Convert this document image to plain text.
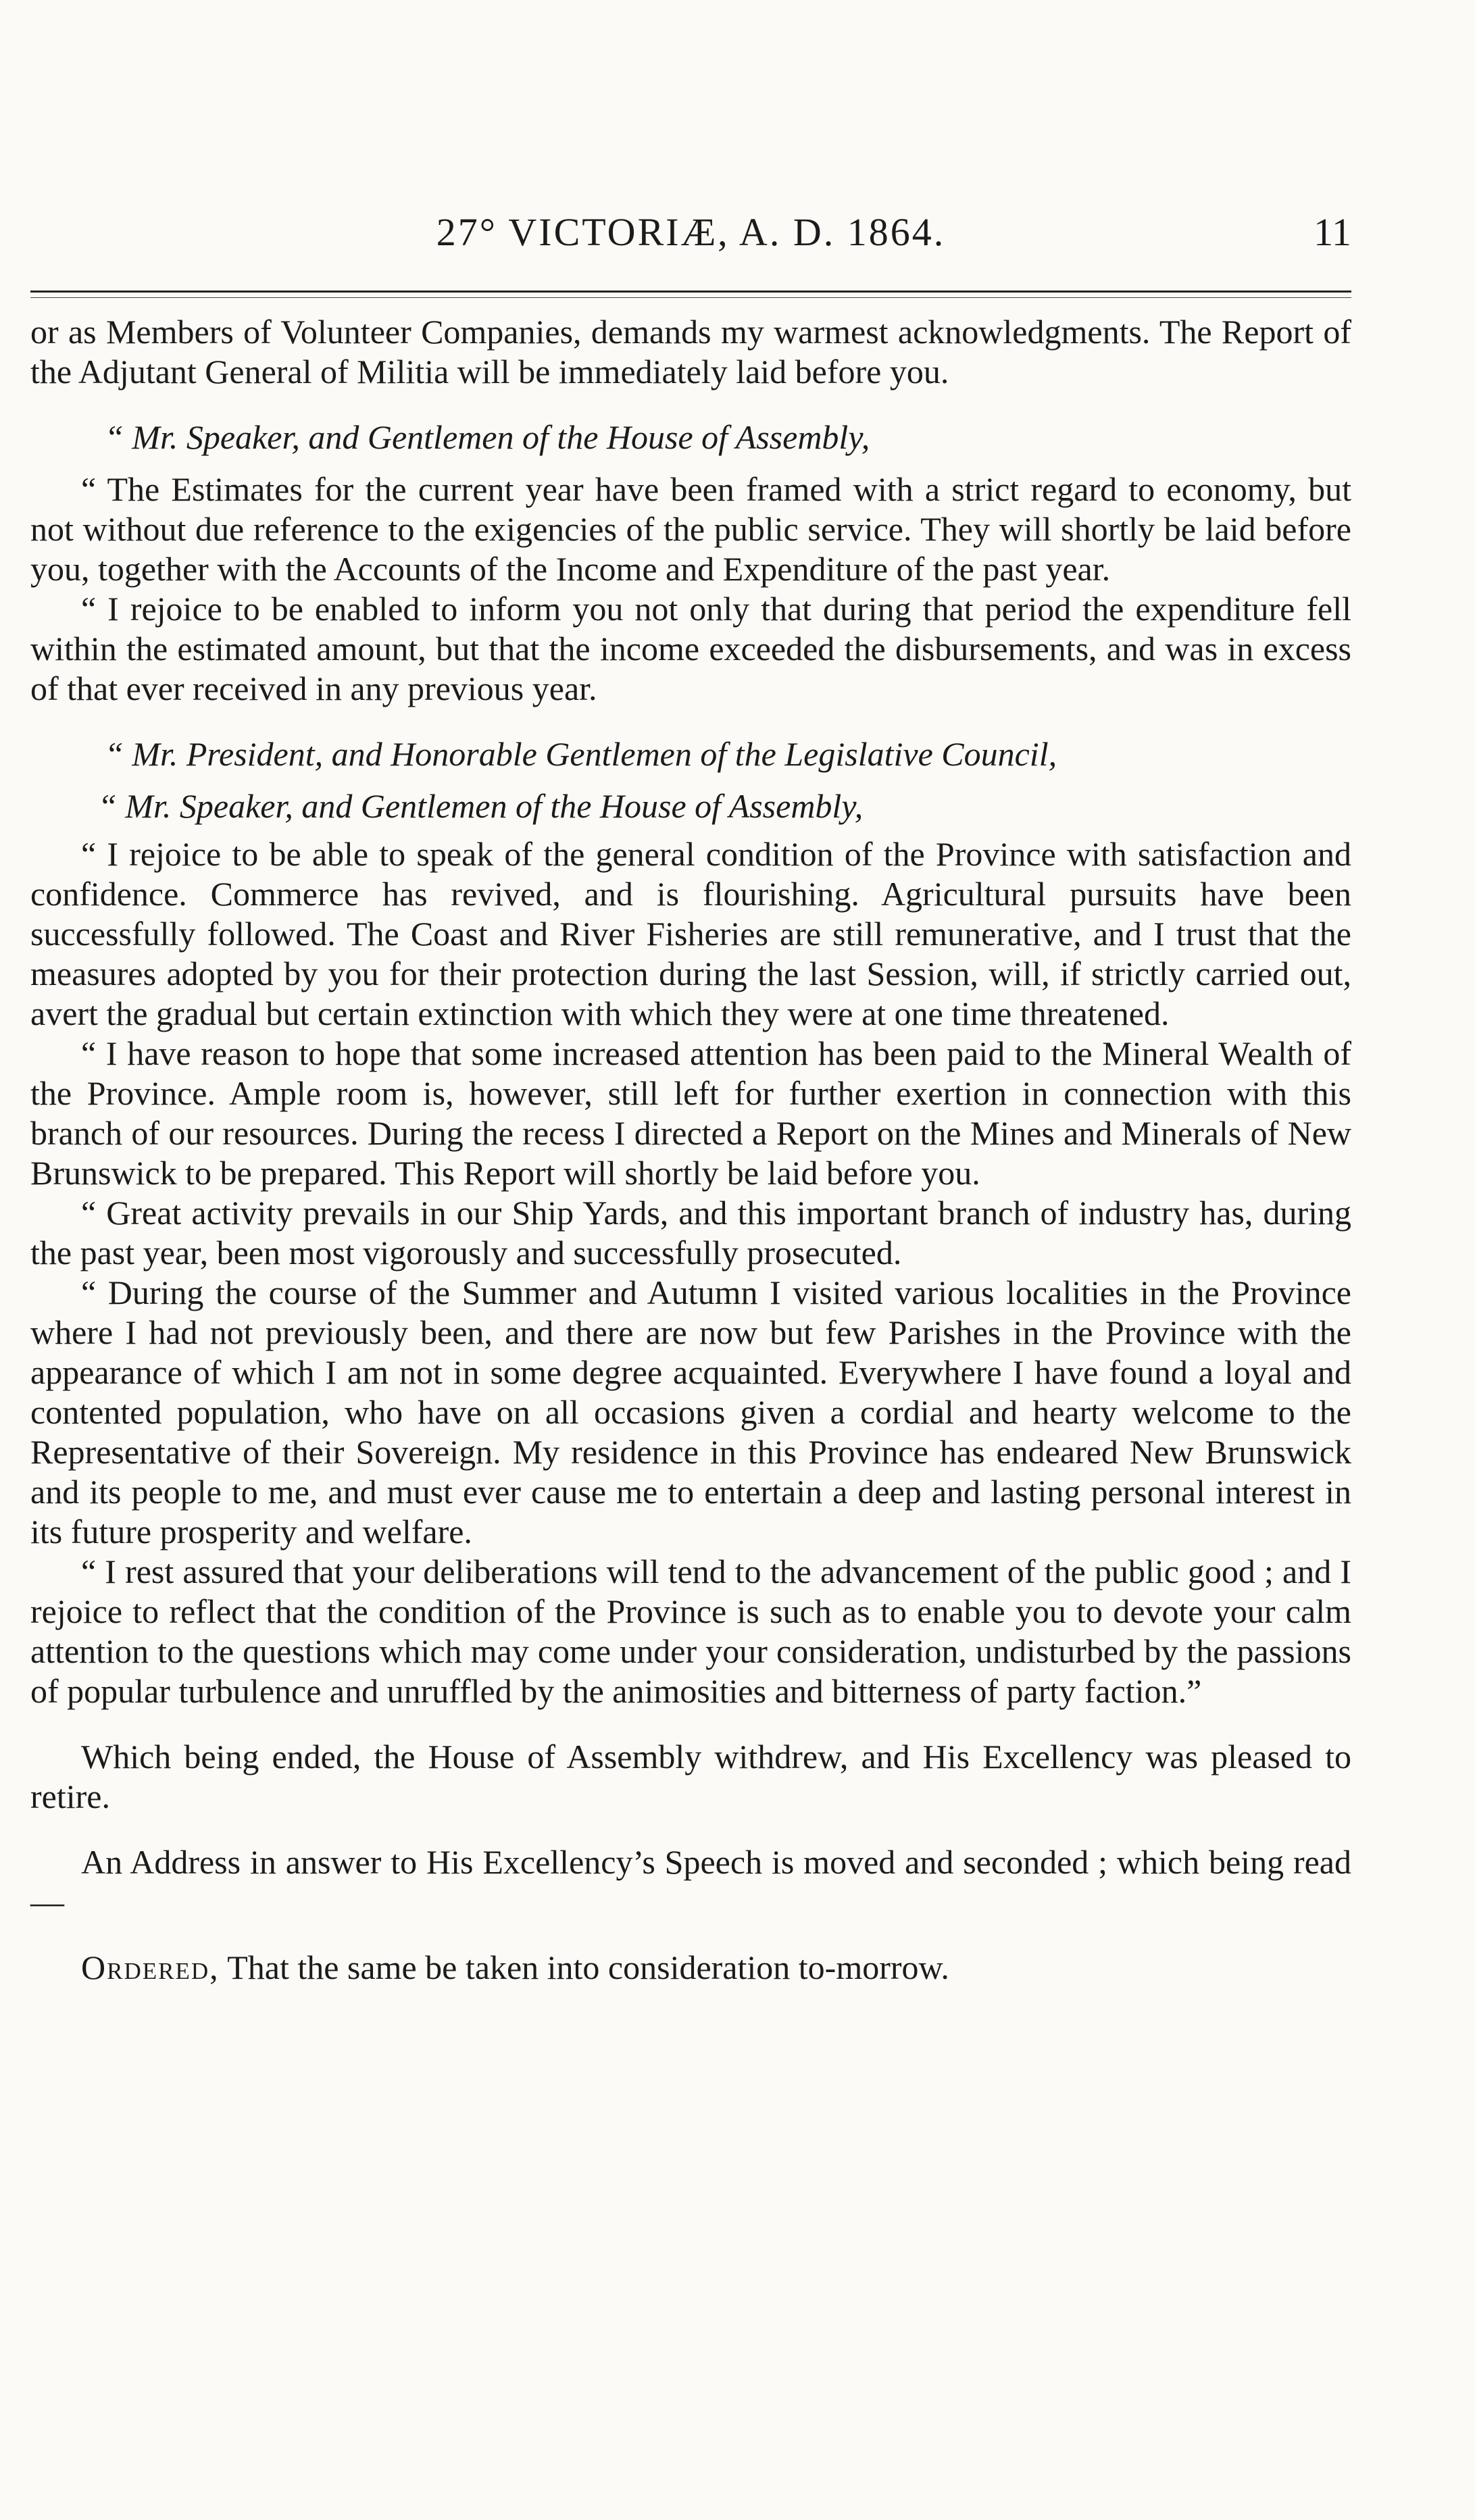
27° VICTORIÆ, A. D. 1864.	11

or as Members of Volunteer Companies, demands my warmest acknowledgments. The Report of the Adjutant General of Militia will be immediately laid before you.

“ Mr. Speaker, and Gentlemen of the House of Assembly,

“ The Estimates for the current year have been framed with a strict regard to economy, but not without due reference to the exigencies of the public service. They will shortly be laid before you, together with the Accounts of the Income and Expenditure of the past year.

“ I rejoice to be enabled to inform you not only that during that period the expenditure fell within the estimated amount, but that the income exceeded the disbursements, and was in excess of that ever received in any previous year.

“ Mr. President, and Honorable Gentlemen of the Legislative Council,
“ Mr. Speaker, and Gentlemen of the House of Assembly,

“ I rejoice to be able to speak of the general condition of the Province with satisfaction and confidence. Commerce has revived, and is flourishing. Agricultural pursuits have been successfully followed. The Coast and River Fisheries are still remunerative, and I trust that the measures adopted by you for their protection during the last Session, will, if strictly carried out, avert the gradual but certain extinction with which they were at one time threatened.

“ I have reason to hope that some increased attention has been paid to the Mineral Wealth of the Province. Ample room is, however, still left for further exertion in connection with this branch of our resources. During the recess I directed a Report on the Mines and Minerals of New Brunswick to be prepared. This Report will shortly be laid before you.

“ Great activity prevails in our Ship Yards, and this important branch of industry has, during the past year, been most vigorously and successfully prosecuted.

“ During the course of the Summer and Autumn I visited various localities in the Province where I had not previously been, and there are now but few Parishes in the Province with the appearance of which I am not in some degree acquainted. Everywhere I have found a loyal and contented population, who have on all occasions given a cordial and hearty welcome to the Representative of their Sovereign. My residence in this Province has endeared New Brunswick and its people to me, and must ever cause me to entertain a deep and lasting personal interest in its future prosperity and welfare.

“ I rest assured that your deliberations will tend to the advancement of the public good ; and I rejoice to reflect that the condition of the Province is such as to enable you to devote your calm attention to the questions which may come under your consideration, undisturbed by the passions of popular turbulence and unruffled by the animosities and bitterness of party faction.”

Which being ended, the House of Assembly withdrew, and His Excellency was pleased to retire.

An Address in answer to His Excellency’s Speech is moved and seconded ; which being read—

Ordered, That the same be taken into consideration to-morrow.
